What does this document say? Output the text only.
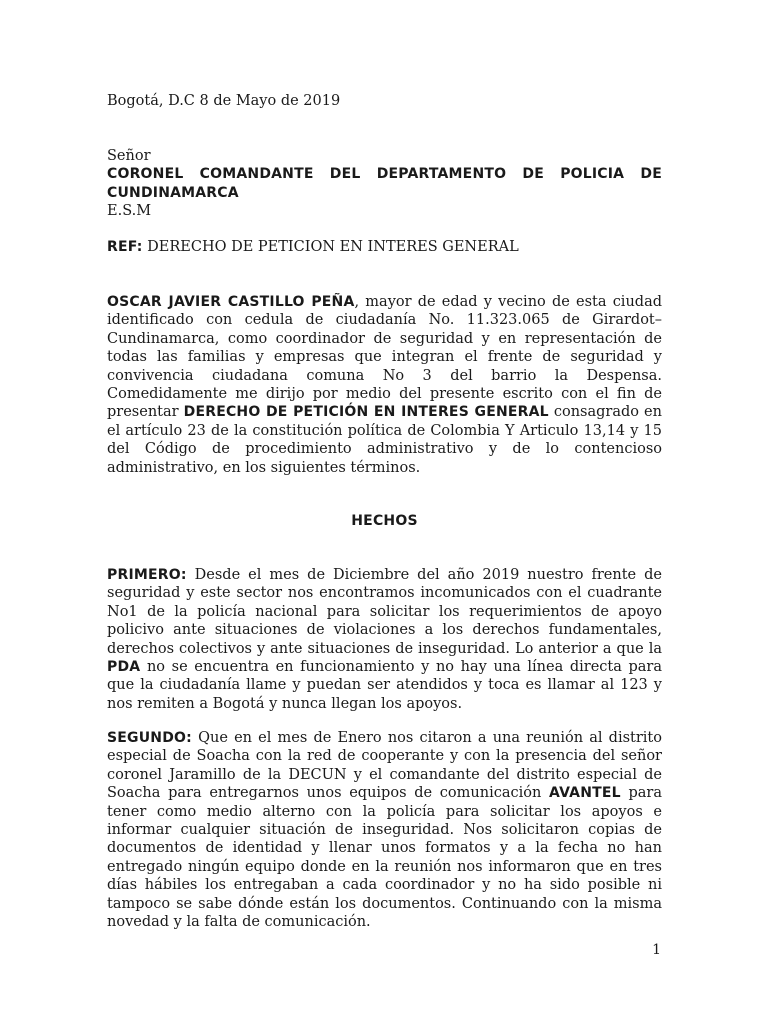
Bogotá, D.C 8 de Mayo de 2019

Señor

CORONEL COMANDANTE DEL DEPARTAMENTO DE POLICIA DE CUNDINAMARCA

E.S.M

REF: DERECHO DE PETICION EN INTERES GENERAL

OSCAR JAVIER CASTILLO PEÑA, mayor de edad y vecino de esta ciudad identificado con cedula de ciudadanía No. 11.323.065 de Girardot– Cundinamarca, como coordinador de seguridad y en representación de todas las familias y empresas que integran el frente de seguridad y convivencia ciudadana comuna No 3 del barrio la Despensa. Comedidamente me dirijo por medio del presente escrito con el fin de presentar DERECHO DE PETICIÓN EN INTERES GENERAL consagrado en el artículo 23 de la constitución política de Colombia Y Articulo 13,14 y 15 del Código de procedimiento administrativo y de lo contencioso administrativo, en los siguientes términos.

HECHOS

PRIMERO: Desde el mes de Diciembre del año 2019 nuestro frente de seguridad y este sector nos encontramos incomunicados con el cuadrante No1 de la policía nacional para solicitar los requerimientos de apoyo policivo ante situaciones de violaciones a los derechos fundamentales, derechos colectivos y ante situaciones de inseguridad. Lo anterior a que la PDA no se encuentra en funcionamiento y no hay una línea directa para que la ciudadanía llame y puedan ser atendidos y toca es llamar al 123 y nos remiten a Bogotá y nunca llegan los apoyos.

SEGUNDO: Que en el mes de Enero nos citaron a una reunión al distrito especial de Soacha con la red de cooperante y con la presencia del señor coronel Jaramillo de la DECUN y el comandante del distrito especial de Soacha para entregarnos unos equipos de comunicación AVANTEL para tener como medio alterno con la policía para solicitar los apoyos e informar cualquier situación de inseguridad. Nos solicitaron copias de documentos de identidad y llenar unos formatos y a la fecha no han entregado ningún equipo donde en la reunión nos informaron que en tres días hábiles los entregaban a cada coordinador y no ha sido posible ni tampoco se sabe dónde están los documentos. Continuando con la misma novedad y la falta de comunicación.

1
